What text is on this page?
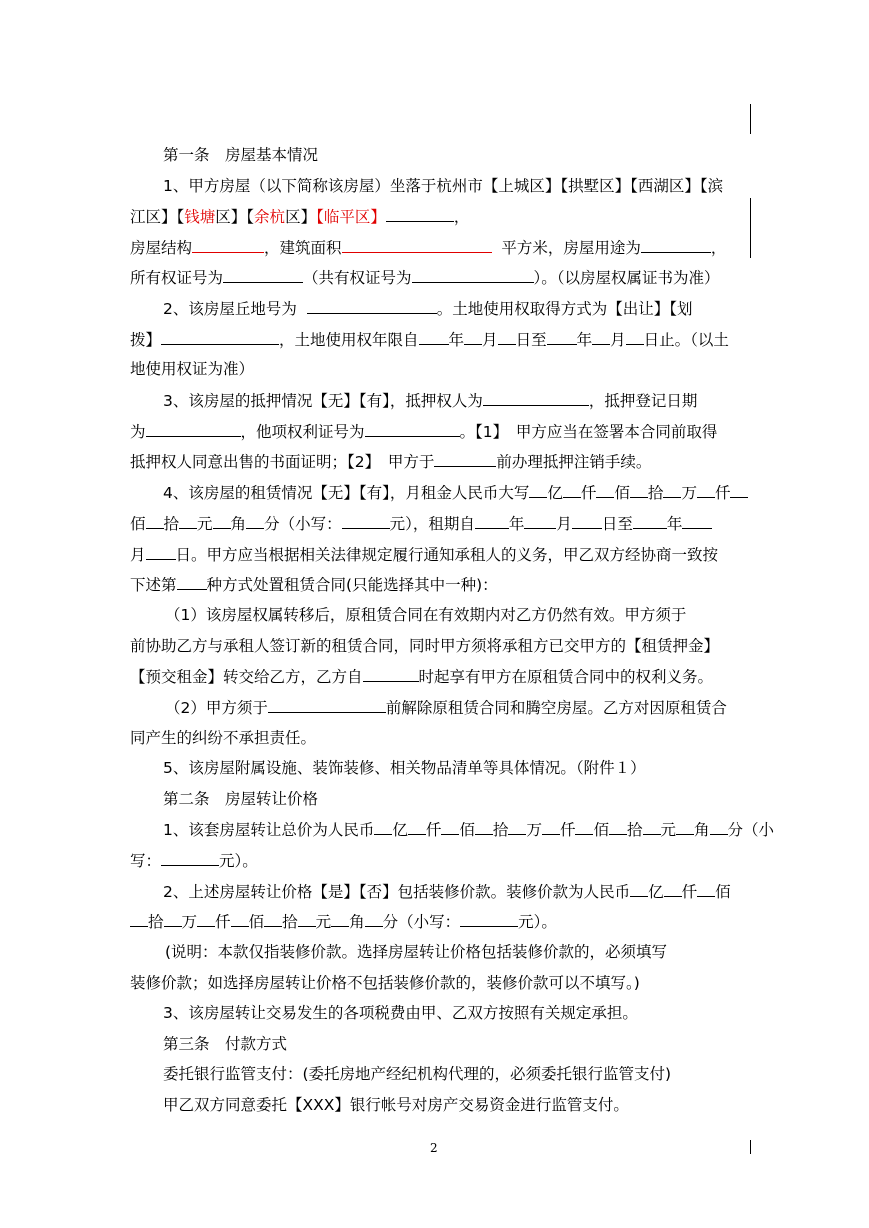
第一条　房屋基本情况
1、甲方房屋（以下简称该房屋）坐落于杭州市【上城区】【拱墅区】【西湖区】【滨
江区】【钱塘区】【余杭区】【临平区】	，
房屋结构	，建筑面积	平方米，房屋用途为	，
所有权证号为	（共有权证号为	）。（以房屋权属证书为准）
2、该房屋丘地号为	。土地使用权取得方式为【出让】【划
拨】	，土地使用权年限自 年 月 日至 年 月 日止。（以土
地使用权证为准）
3、该房屋的抵押情况【无】【有】，抵押权人为	，抵押登记日期
为	，他项权利证号为	。【1】　甲方应当在签署本合同前取得
抵押权人同意出售的书面证明；【2】　甲方于	前办理抵押注销手续。
4、该房屋的租赁情况【无】【有】，月租金人民币大写 亿 仟 佰 拾 万 仟
佰 拾 元 角 分（小写：	元），租期自 年 月 日至 年
月 日。甲方应当根据相关法律规定履行通知承租人的义务，甲乙双方经协商一致按
下述第 种方式处置租赁合同(只能选择其中一种)：
（1）该房屋权属转移后，原租赁合同在有效期内对乙方仍然有效。甲方须于
前协助乙方与承租人签订新的租赁合同，同时甲方须将承租方已交甲方的【租赁押金】
【预交租金】转交给乙方，乙方自	时起享有甲方在原租赁合同中的权利义务。
（2）甲方须于	前解除原租赁合同和腾空房屋。乙方对因原租赁合
同产生的纠纷不承担责任。
5、该房屋附属设施、装饰装修、相关物品清单等具体情况。（附件１）
第二条　房屋转让价格
1、该套房屋转让总价为人民币 亿 仟 佰 拾 万 仟 佰 拾 元 角 分（小
写：	元）。
2、上述房屋转让价格【是】【否】包括装修价款。装修价款为人民币 亿 仟 佰
拾 万 仟 佰 拾 元 角 分（小写：	元）。
(说明：本款仅指装修价款。选择房屋转让价格包括装修价款的，必须填写
装修价款；如选择房屋转让价格不包括装修价款的，装修价款可以不填写。)
3、该房屋转让交易发生的各项税费由甲、乙双方按照有关规定承担。
第三条　付款方式
委托银行监管支付：(委托房地产经纪机构代理的，必须委托银行监管支付)
甲乙双方同意委托【XXX】银行帐号对房产交易资金进行监管支付。
2
